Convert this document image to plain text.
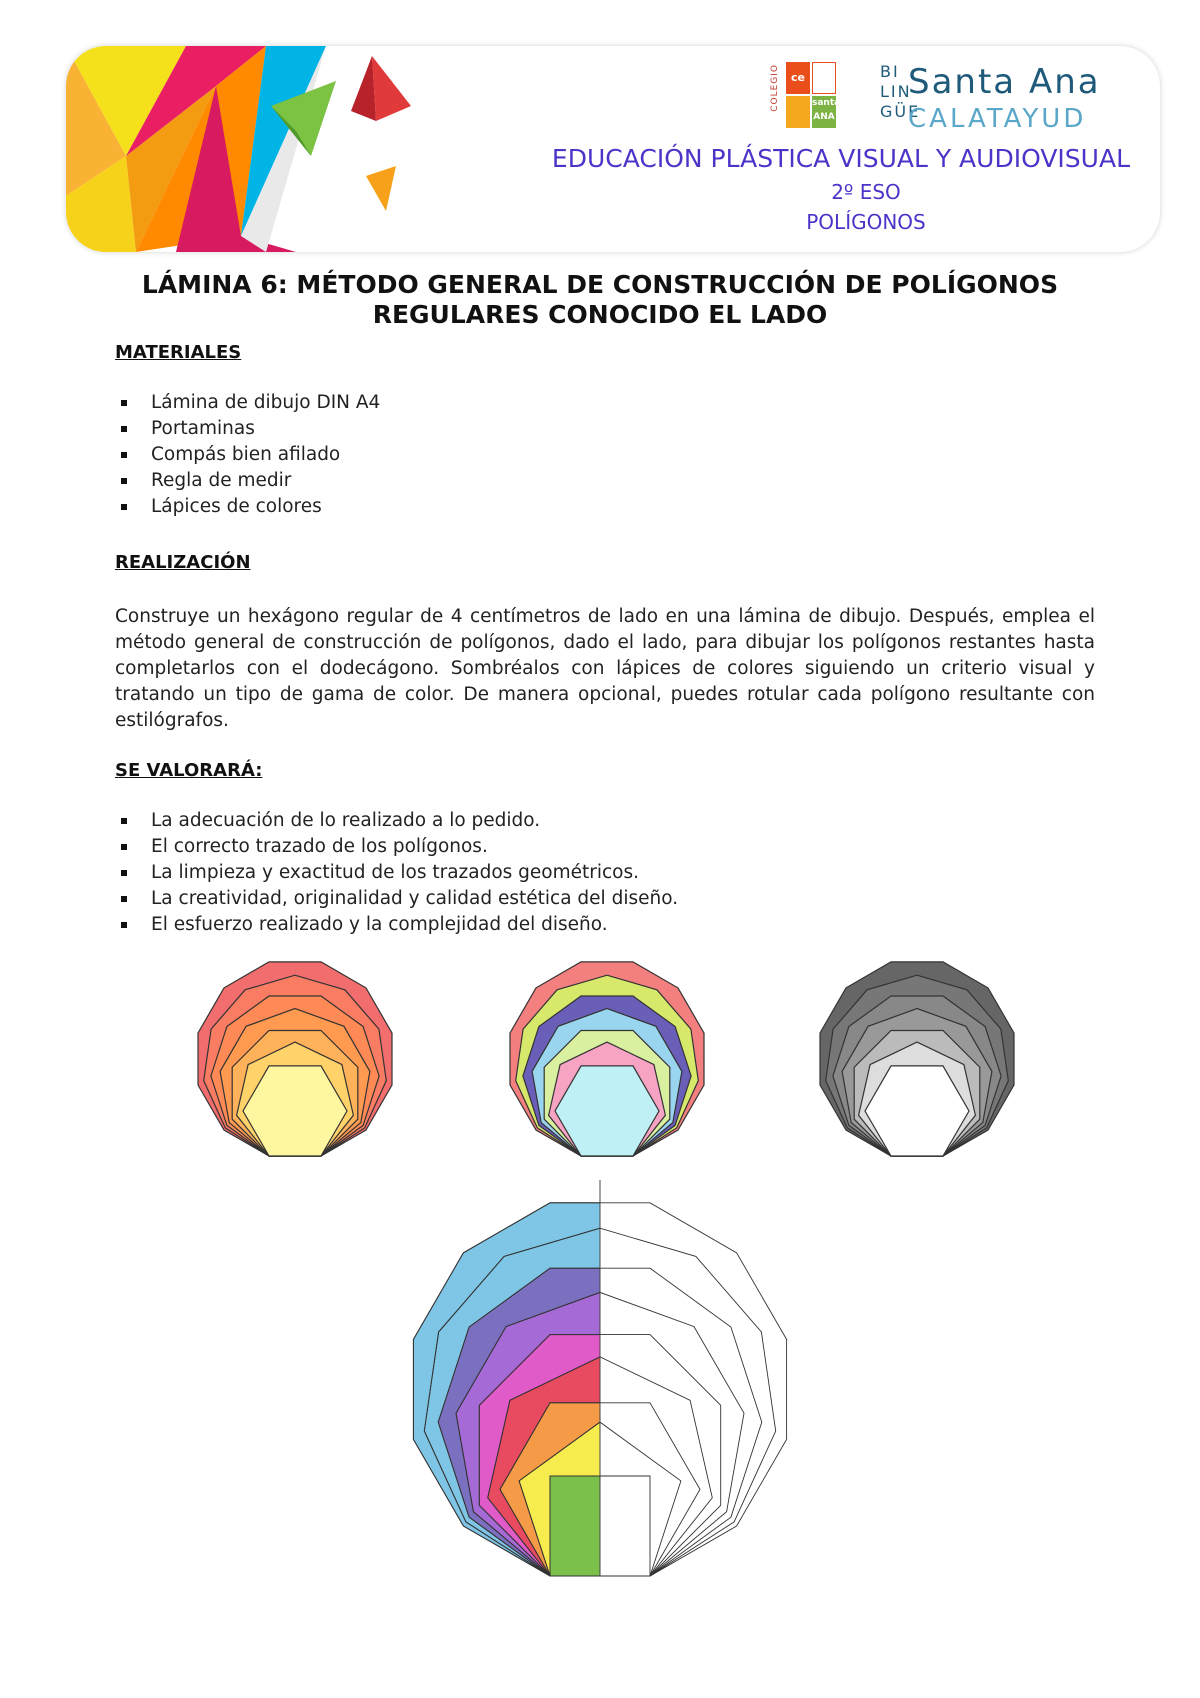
COLEGIO	ce
santa
ANA
BI
LIN
GÜE
Santa Ana
CALATAYUD
EDUCACIÓN PLÁSTICA VISUAL Y AUDIOVISUAL
2º ESO
POLÍGONOS
LÁMINA 6: MÉTODO GENERAL DE CONSTRUCCIÓN DE POLÍGONOS
REGULARES CONOCIDO EL LADO
MATERIALES
Lámina de dibujo DIN A4
Portaminas
Compás bien afilado
Regla de medir
Lápices de colores
REALIZACIÓN
Construye un hexágono regular de 4 centímetros de lado en una lámina de dibujo. Después, emplea el método general de construcción de polígonos, dado el lado, para dibujar los polígonos restantes hasta completarlos con el dodecágono. Sombréalos con lápices de colores siguiendo un criterio visual y tratando un tipo de gama de color. De manera opcional, puedes rotular cada polígono resultante con estilógrafos.
SE VALORARÁ:
La adecuación de lo realizado a lo pedido.
El correcto trazado de los polígonos.
La limpieza y exactitud de los trazados geométricos.
La creatividad, originalidad y calidad estética del diseño.
El esfuerzo realizado y la complejidad del diseño.
